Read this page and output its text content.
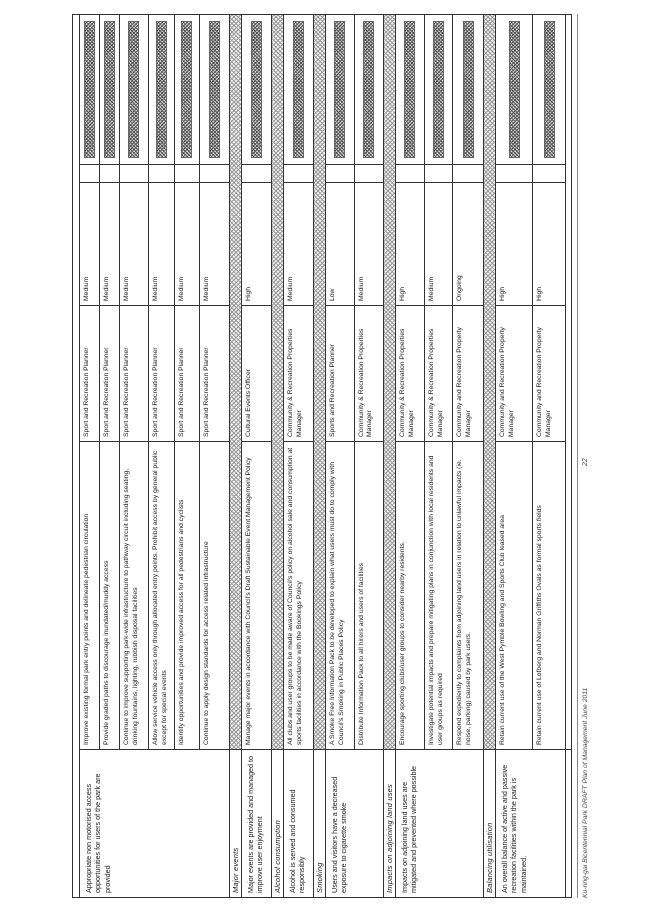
Appropriate non motorised access opportunities for users of the park are provided
Improve existing formal park entry points and delineate pedestrian circulation
Sport and Recreation Planner
Medium
Provide graded paths to discourage inundated/muddy access
Sport and Recreation Planner
Medium
Continue to improve supporting park-wide infrastructure to pathway circuit including seating, drinking fountains, lighting, rubbish disposal facilities
Sport and Recreation Planner
Medium
Allow service vehicle access only through allocated entry points. Prohibit access by general public except for special events
Sport and Recreation Planner
Medium
Identify opportunities and provide improved access for all pedestrians and cyclists
Sport and Recreation Planner
Medium
Continue to apply design standards for access related infrastructure
Sport and Recreation Planner
Medium
Major events Major events are provided and managed to improve user enjoyment
Manage major events in accordance with Council's Draft Sustainable Event Management Policy
Cultural Events Officer
High
Alcohol consumption Alcohol is served and consumed responsibly
All clubs and user groups to be made aware of Council's policy on alcohol sale and consumption at sports facilities in accordance with the Bookings Policy
Community & Recreation Properties Manager
Medium
Smoking Users and visitors have a decreased exposure to cigarette smoke
A Smoke Free Information Pack to be developed to explain what users must do to comply with Council's Smoking in Public Places Policy
Sports and Recreation Planner
Low
Distribute Information Pack to all hirers and users of facilities
Community & Recreation Properties Manager
Medium
Impacts on adjoining land uses Impacts on adjoining land uses are mitigated and prevented where possible
Encourage sporting clubs/user groups to consider nearby residents.
Community & Recreation Properties Manager
High
Investigate potential impacts and prepare mitigating plans in conjunction with local residents and user groups as required
Community & Recreation Properties Manager
Medium
Respond expediently to complaints from adjoining land users in relation to unlawful impacts (ie. noise, parking) caused by park users.
Community and Recreation Property Manager
Ongoing
Balancing utilisation An overall balance of active and passive recreation facilities within the park is maintained.
Retain current use of the West Pymble Bowling and Sports Club leased area
Community and Recreation Property Manager
High
Retain current use of Lofberg and Norman Griffiths Ovals as formal sports fields
Community and Recreation Property Manager
High
Ku-ring-gai Bicentennial Park DRAFT Plan of Management June 2011
22
